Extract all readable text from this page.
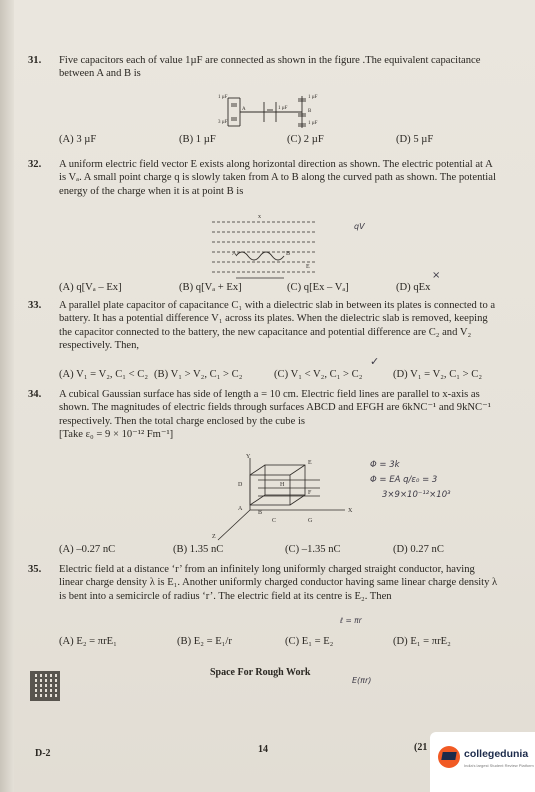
31. Five capacitors each of value 1µF are connected as shown in the figure .The equivalent capacitance between A and B is
1 µF
A
3 µF
1 µF
1 µF
B
1 µF
(A) 3 µF	(B) 1 µF	(C) 2 µF	(D) 5 µF
32. A uniform electric field vector E exists along horizontal direction as shown. The electric potential at A is Vₐ. A small point charge q is slowly taken from A to B along the curved path as shown. The potential energy of the charge when it is at point B is
A	B
E
x
qV
(A) q[Vₐ – Ex]	(B) q[Vₐ + Ex]	(C) q[Ex – Vₐ]	(D) qEx
×
33. A parallel plate capacitor of capacitance C₁ with a dielectric slab in between its plates is connected to a battery. It has a potential difference V₁ across its plates. When the dielectric slab is removed, keeping the capacitor connected to the battery, the new capacitance and potential difference are C₂ and V₂ respectively. Then,
✓
(A) V₁ = V₂, C₁ < C₂ (B) V₁ > V₂, C₁ > C₂	(C) V₁ < V₂, C₁ > C₂	(D) V₁ = V₂, C₁ > C₂
34. A cubical Gaussian surface has side of length a = 10 cm. Electric field lines are parallel to x-axis as shown. The magnitudes of electric fields through surfaces ABCD and EFGH are 6kNC⁻¹ and 9kNC⁻¹ respectively. Then the total charge enclosed by the cube is
[Take ε₀ = 9 × 10⁻¹² Fm⁻¹]
Y
D	H
A
E
F
B	X
C	G
Z
Φ = 3k
Φ = EA q/ε₀ = 3
3×9×10⁻¹²×10³
(A) –0.27 nC	(B) 1.35 nC	(C) –1.35 nC	(D) 0.27 nC
35. Electric field at a distance ‘r’ from an infinitely long uniformly charged straight conductor, having linear charge density λ is E₁. Another uniformly charged conductor having same linear charge density λ is bent into a semicircle of radius ‘r’. The electric field at its centre is E₂. Then
ℓ = πr
(A) E₂ = πrE₁	(B) E₂ = E₁/r	(C) E₁ = E₂	(D) E₁ = πrE₂
Space For Rough Work
E(πr)
D-2	14	(21
collegedunia
India's largest Student Review Platform
